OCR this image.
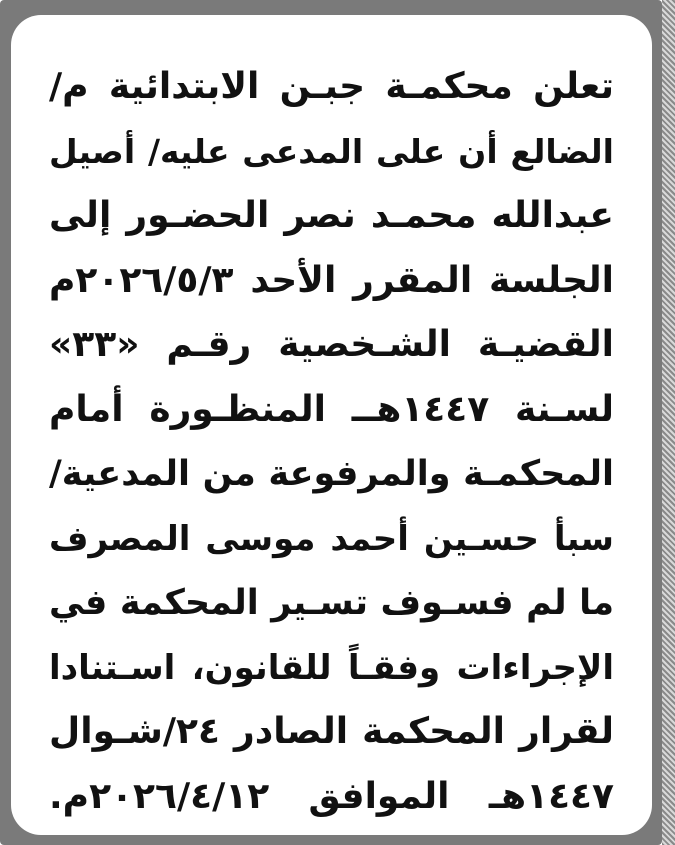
تعلن محكمـة جبـن الابتدائية م/
الضالع أن على المدعى عليه/ أصيل
عبدالله محمـد نصر الحضـور إلى
الجلسة المقرر الأحد ٢٠٢٦/٥/٣م
القضيـة الشـخصية رقـم «٣٣»
لسـنة ١٤٤٧هــ المنظـورة أمام
المحكمـة والمرفوعة من المدعية/
سبأ حسـين أحمد موسى المصرف
ما لم فسـوف تسـير المحكمة في
الإجراءات وفقـاً للقانون، اسـتنادا
لقرار المحكمة الصادر ٢٤/شـوال
١٤٤٧هـ الموافق ٢٠٢٦/٤/١٢م.
